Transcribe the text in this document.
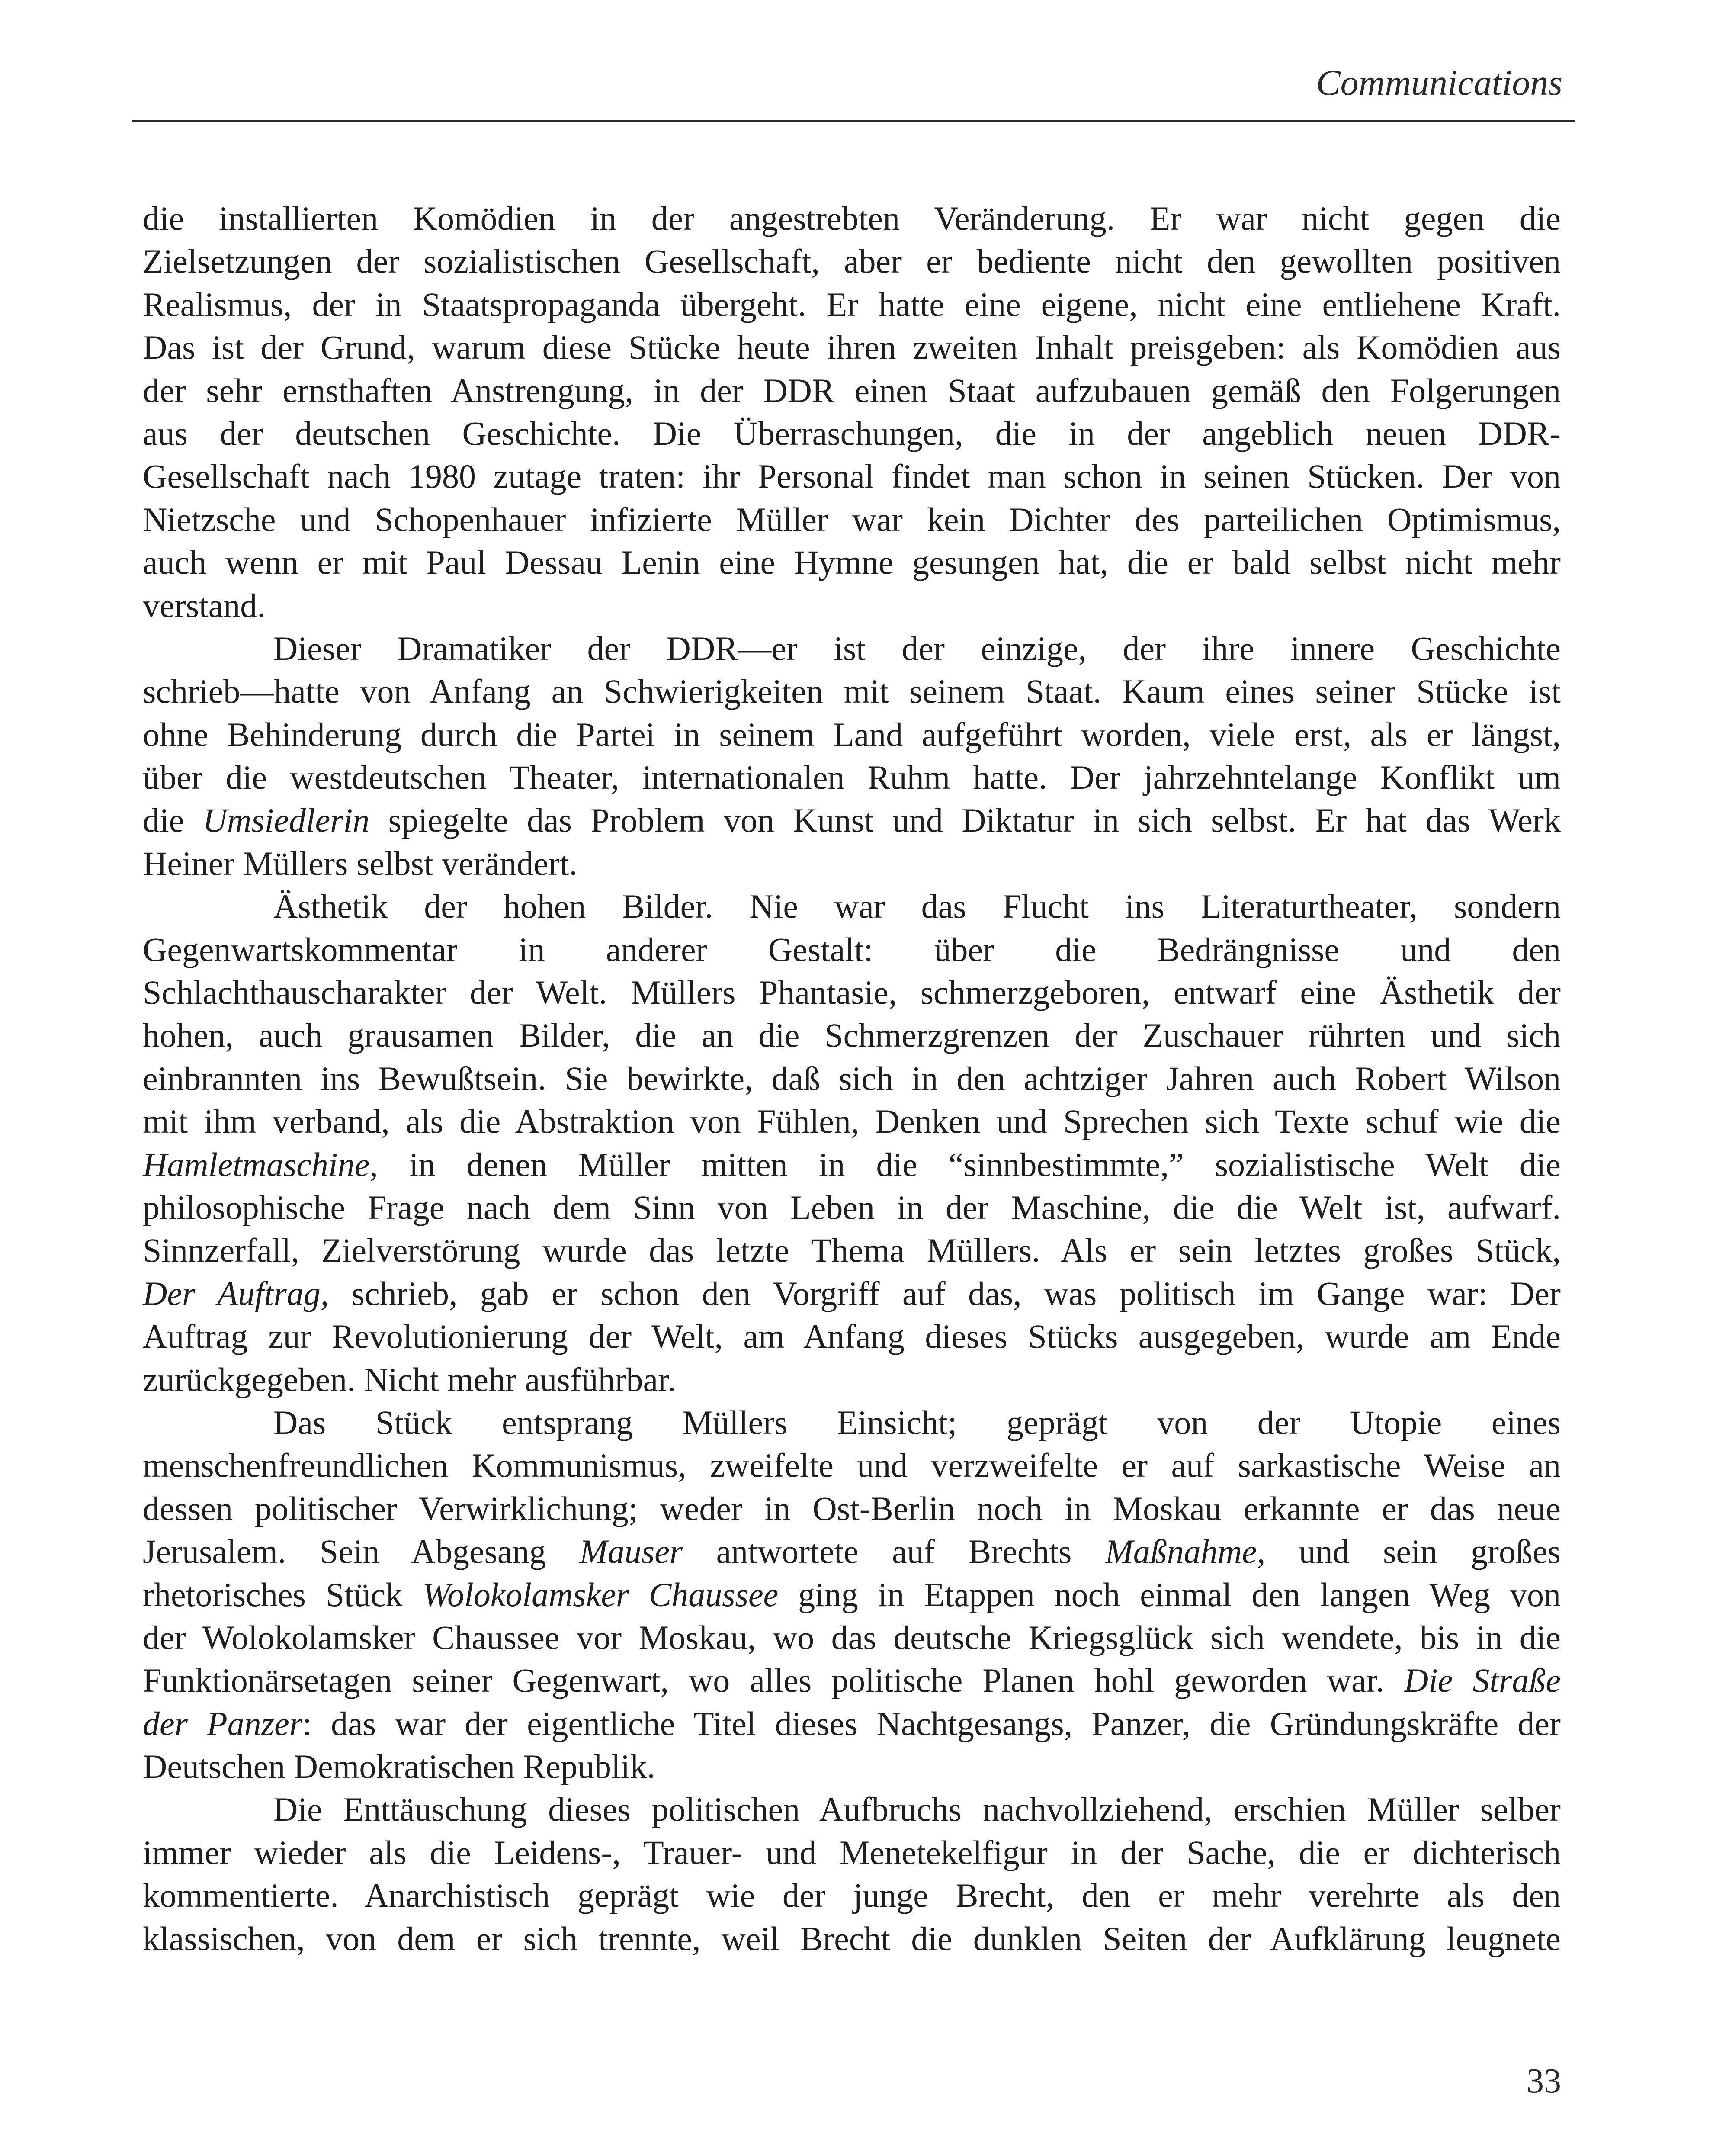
Communications
die installierten Komödien in der angestrebten Veränderung. Er war nicht gegen die
Zielsetzungen der sozialistischen Gesellschaft, aber er bediente nicht den gewollten positiven
Realismus, der in Staatspropaganda übergeht. Er hatte eine eigene, nicht eine entliehene Kraft.
Das ist der Grund, warum diese Stücke heute ihren zweiten Inhalt preisgeben: als Komödien aus
der sehr ernsthaften Anstrengung, in der DDR einen Staat aufzubauen gemäß den Folgerungen
aus der deutschen Geschichte. Die Überraschungen, die in der angeblich neuen DDR-
Gesellschaft nach 1980 zutage traten: ihr Personal findet man schon in seinen Stücken. Der von
Nietzsche und Schopenhauer infizierte Müller war kein Dichter des parteilichen Optimismus,
auch wenn er mit Paul Dessau Lenin eine Hymne gesungen hat, die er bald selbst nicht mehr
verstand.
Dieser Dramatiker der DDR—er ist der einzige, der ihre innere Geschichte
schrieb—hatte von Anfang an Schwierigkeiten mit seinem Staat. Kaum eines seiner Stücke ist
ohne Behinderung durch die Partei in seinem Land aufgeführt worden, viele erst, als er längst,
über die westdeutschen Theater, internationalen Ruhm hatte. Der jahrzehntelange Konflikt um
die Umsiedlerin spiegelte das Problem von Kunst und Diktatur in sich selbst. Er hat das Werk
Heiner Müllers selbst verändert.
Ästhetik der hohen Bilder. Nie war das Flucht ins Literaturtheater, sondern
Gegenwartskommentar in anderer Gestalt: über die Bedrängnisse und den
Schlachthauscharakter der Welt. Müllers Phantasie, schmerzgeboren, entwarf eine Ästhetik der
hohen, auch grausamen Bilder, die an die Schmerzgrenzen der Zuschauer rührten und sich
einbrannten ins Bewußtsein. Sie bewirkte, daß sich in den achtziger Jahren auch Robert Wilson
mit ihm verband, als die Abstraktion von Fühlen, Denken und Sprechen sich Texte schuf wie die
Hamletmaschine, in denen Müller mitten in die “sinnbestimmte,” sozialistische Welt die
philosophische Frage nach dem Sinn von Leben in der Maschine, die die Welt ist, aufwarf.
Sinnzerfall, Zielverstörung wurde das letzte Thema Müllers. Als er sein letztes großes Stück,
Der Auftrag, schrieb, gab er schon den Vorgriff auf das, was politisch im Gange war: Der
Auftrag zur Revolutionierung der Welt, am Anfang dieses Stücks ausgegeben, wurde am Ende
zurückgegeben. Nicht mehr ausführbar.
Das Stück entsprang Müllers Einsicht; geprägt von der Utopie eines
menschenfreundlichen Kommunismus, zweifelte und verzweifelte er auf sarkastische Weise an
dessen politischer Verwirklichung; weder in Ost-Berlin noch in Moskau erkannte er das neue
Jerusalem. Sein Abgesang Mauser antwortete auf Brechts Maßnahme, und sein großes
rhetorisches Stück Wolokolamsker Chaussee ging in Etappen noch einmal den langen Weg von
der Wolokolamsker Chaussee vor Moskau, wo das deutsche Kriegsglück sich wendete, bis in die
Funktionärsetagen seiner Gegenwart, wo alles politische Planen hohl geworden war. Die Straße
der Panzer: das war der eigentliche Titel dieses Nachtgesangs, Panzer, die Gründungskräfte der
Deutschen Demokratischen Republik.
Die Enttäuschung dieses politischen Aufbruchs nachvollziehend, erschien Müller selber
immer wieder als die Leidens-, Trauer- und Menetekelfigur in der Sache, die er dichterisch
kommentierte. Anarchistisch geprägt wie der junge Brecht, den er mehr verehrte als den
klassischen, von dem er sich trennte, weil Brecht die dunklen Seiten der Aufklärung leugnete
33
